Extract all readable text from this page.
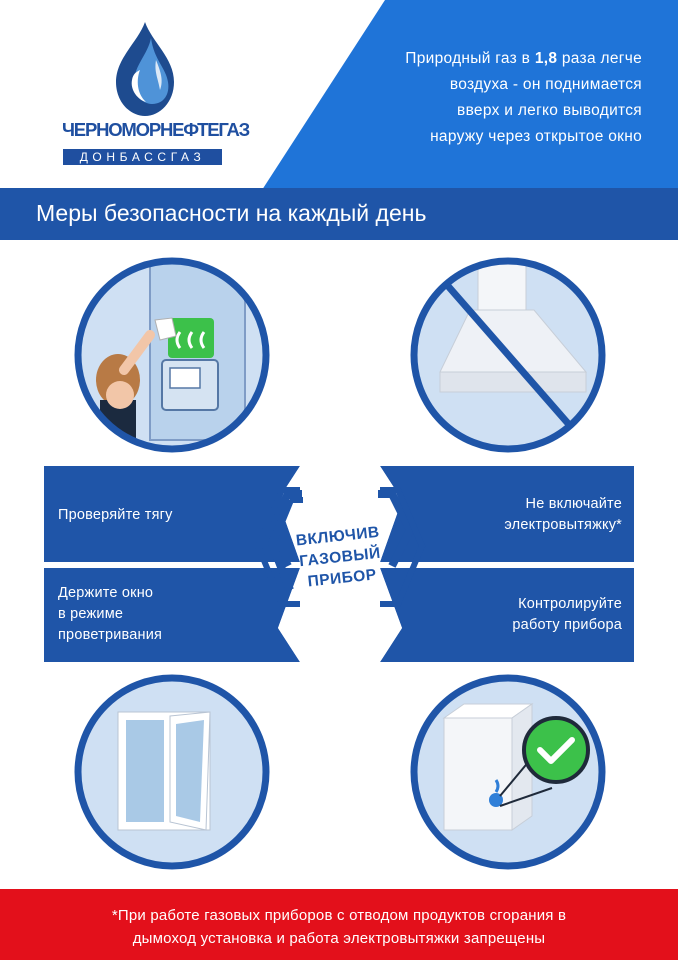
ЧЕРНОМОРНЕФТЕГАЗ
ДОНБАССГАЗ
Природный газ в 1,8 раза легче
воздуха - он поднимается
вверх и легко выводится
наружу через открытое окно
Меры безопасности на каждый день
Проверяйте тягу
Не включайте
электровытяжку*
Держите окно
в режиме
проветривания
Контролируйте
работу прибора
ВКЛЮЧИВ
ГАЗОВЫЙ
ПРИБОР
*При работе газовых приборов с отводом продуктов сгорания в
дымоход установка и работа электровытяжки запрещены
